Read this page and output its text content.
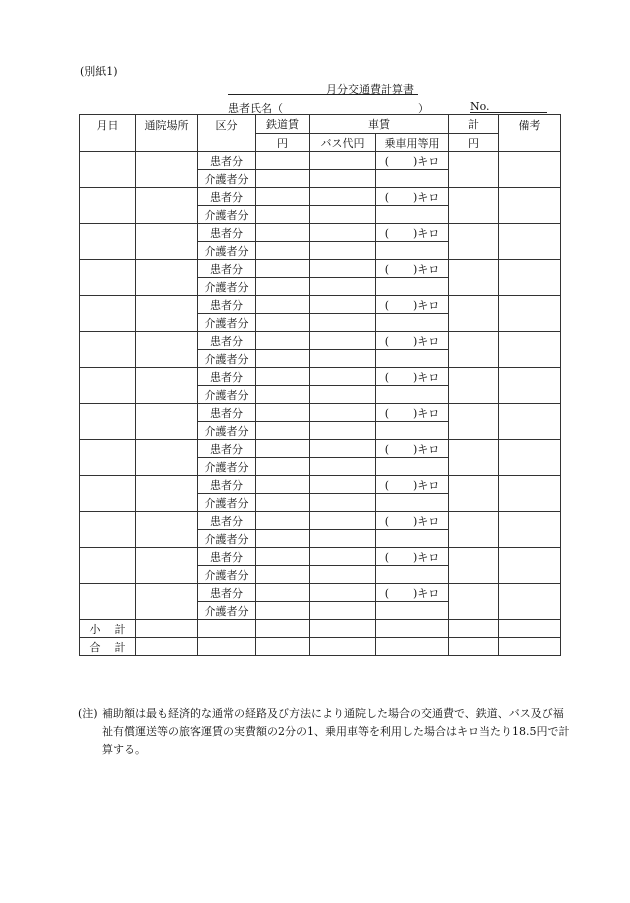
(別紙1)
月分交通費計算書
患者氏名（	）	No.
月日	通院場所	区分	鉄道賃	車賃		計	備考
			円	バス代円	乗車用等用	円	
		患者分			( )キロ		
		介護者分					
		患者分			( )キロ		
		介護者分					
		患者分			( )キロ		
		介護者分					
		患者分			( )キロ		
		介護者分					
		患者分			( )キロ		
		介護者分					
		患者分			( )キロ		
		介護者分					
		患者分			( )キロ		
		介護者分					
		患者分			( )キロ		
		介護者分					
		患者分			( )キロ		
		介護者分					
		患者分			( )キロ		
		介護者分					
		患者分			( )キロ		
		介護者分					
		患者分			( )キロ		
		介護者分					
		患者分			( )キロ		
		介護者分					
小 計							
合 計							
(注) 補助額は最も経済的な通常の経路及び方法により通院した場合の交通費で、鉄道、バス及び福祉有償運送等の旅客運賃の実費額の2分の1、乗用車等を利用した場合はキロ当たり18.5円で計算する。
